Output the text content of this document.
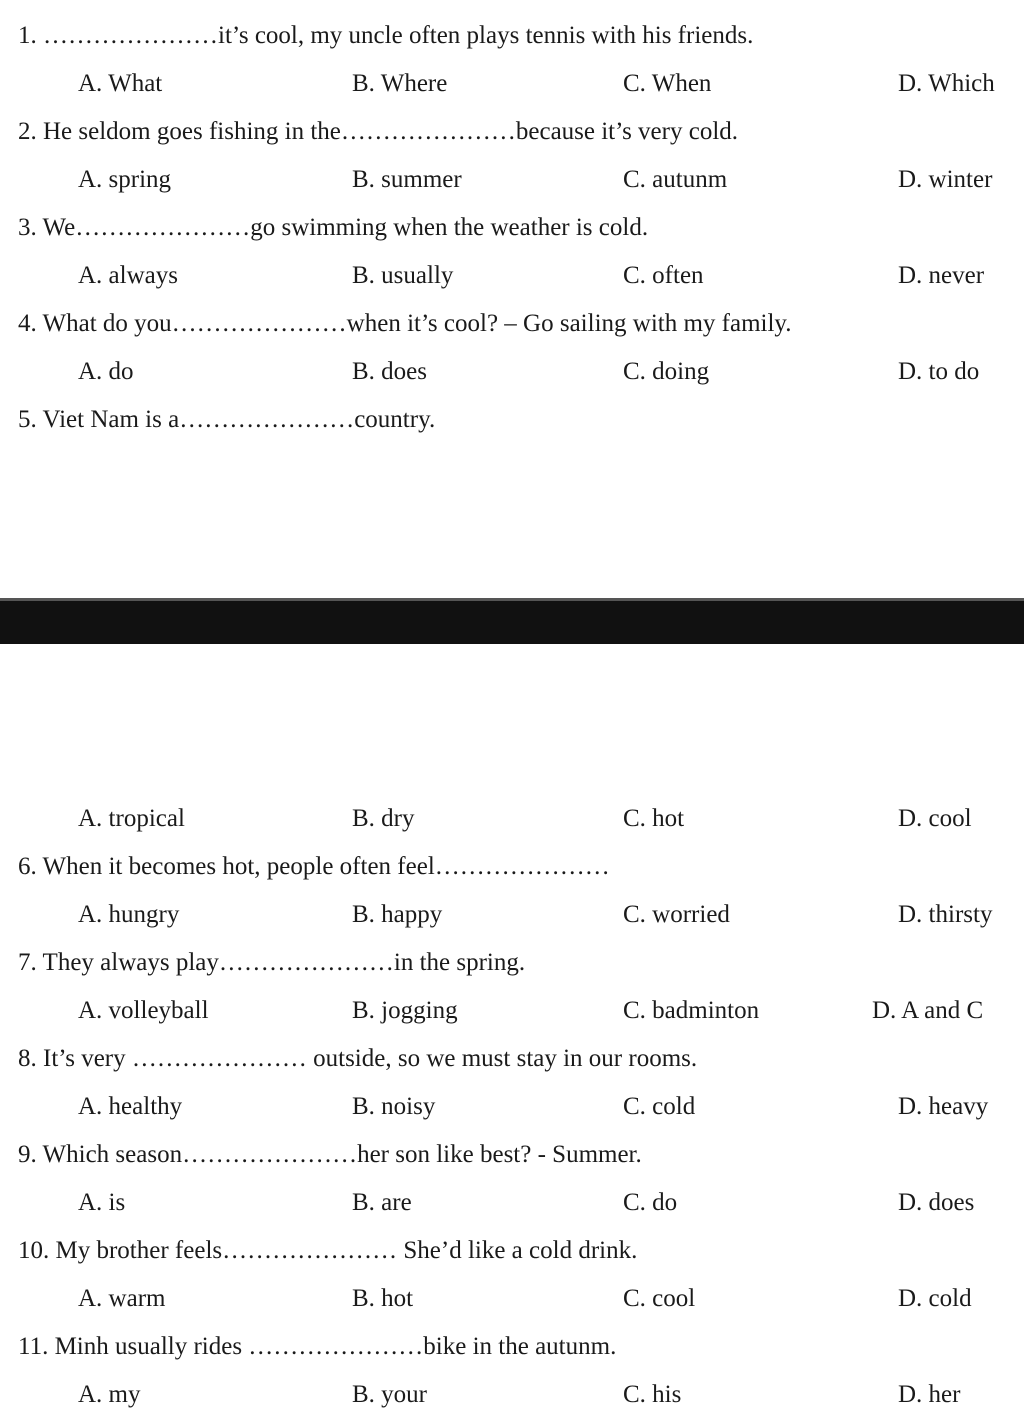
1. …………………it’s cool, my uncle often plays tennis with his friends.
A. What	B. Where	C. When	D. Which
2. He seldom goes fishing in the…………………because it’s very cold.
A. spring	B. summer	C. autunm	D. winter
3. We…………………go swimming when the weather is cold.
A. always	B. usually	C. often	D. never
4. What do you…………………when it’s cool? – Go sailing with my family.
A. do	B. does	C. doing	D. to do
5. Viet Nam is a…………………country.
A. tropical	B. dry	C. hot	D. cool
6. When it becomes hot, people often feel…………………
A. hungry	B. happy	C. worried	D. thirsty
7. They always play…………………in the spring.
A. volleyball	B. jogging	C. badminton	D. A and C
8. It’s very ………………… outside, so we must stay in our rooms.
A. healthy	B. noisy	C. cold	D. heavy
9. Which season…………………her son like best? - Summer.
A. is	B. are	C. do	D. does
10. My brother feels………………… She’d like a cold drink.
A. warm	B. hot	C. cool	D. cold
11. Minh usually rides …………………bike in the autunm.
A. my	B. your	C. his	D. her
